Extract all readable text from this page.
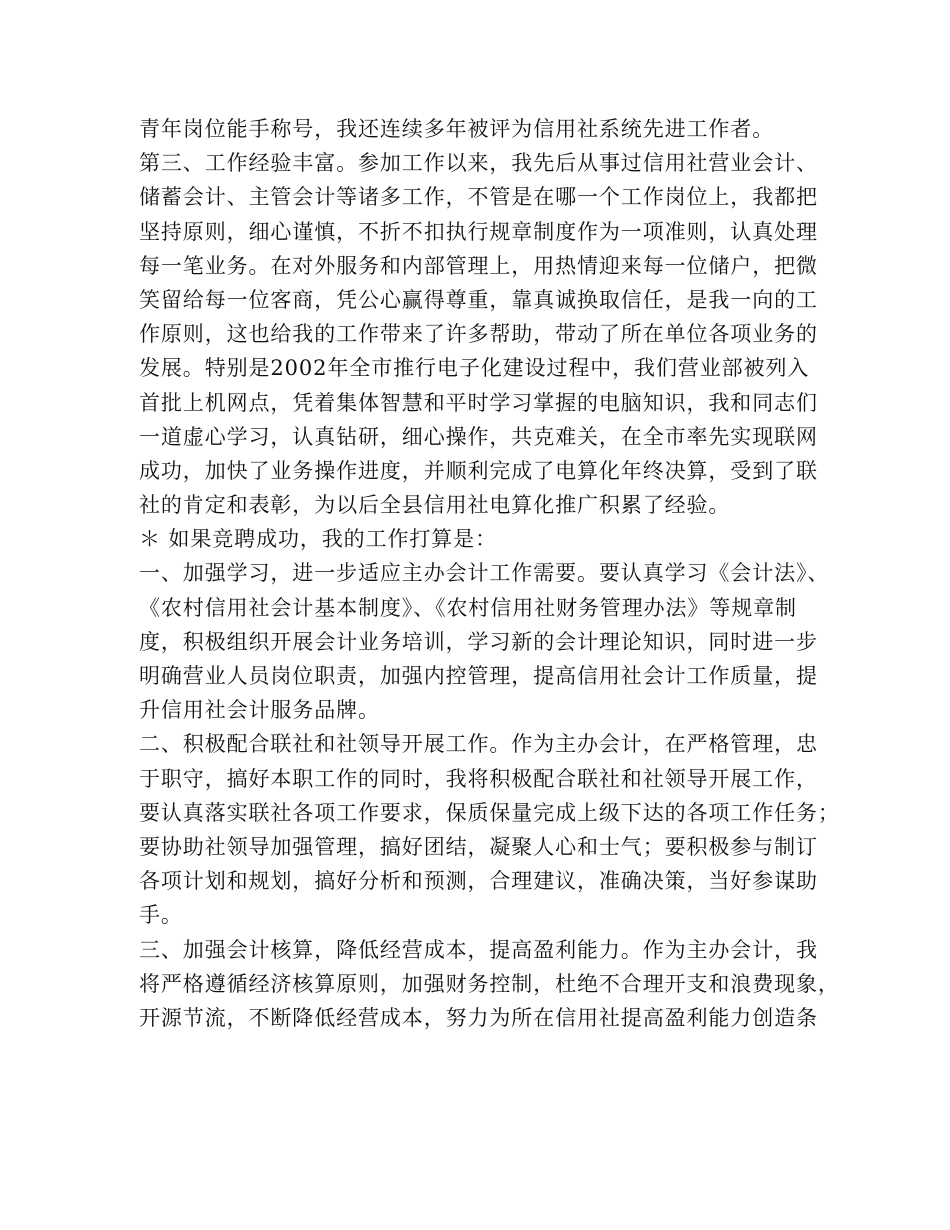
青年岗位能手称号，我还连续多年被评为信用社系统先进工作者。
第三、工作经验丰富。参加工作以来，我先后从事过信用社营业会计、
储蓄会计、主管会计等诸多工作，不管是在哪一个工作岗位上，我都把
坚持原则，细心谨慎，不折不扣执行规章制度作为一项准则，认真处理
每一笔业务。在对外服务和内部管理上，用热情迎来每一位储户，把微
笑留给每一位客商，凭公心赢得尊重，靠真诚换取信任，是我一向的工
作原则，这也给我的工作带来了许多帮助，带动了所在单位各项业务的
发展。特别是2002年全市推行电子化建设过程中，我们营业部被列入
首批上机网点，凭着集体智慧和平时学习掌握的电脑知识，我和同志们
一道虚心学习，认真钻研，细心操作，共克难关，在全市率先实现联网
成功，加快了业务操作进度，并顺利完成了电算化年终决算，受到了联
社的肯定和表彰，为以后全县信用社电算化推广积累了经验。
＊ 如果竞聘成功，我的工作打算是：
一、加强学习，进一步适应主办会计工作需要。要认真学习《会计法》、
《农村信用社会计基本制度》、《农村信用社财务管理办法》等规章制
度，积极组织开展会计业务培训，学习新的会计理论知识，同时进一步
明确营业人员岗位职责，加强内控管理，提高信用社会计工作质量，提
升信用社会计服务品牌。
二、积极配合联社和社领导开展工作。作为主办会计，在严格管理，忠
于职守，搞好本职工作的同时，我将积极配合联社和社领导开展工作，
要认真落实联社各项工作要求，保质保量完成上级下达的各项工作任务；
要协助社领导加强管理，搞好团结，凝聚人心和士气；要积极参与制订
各项计划和规划，搞好分析和预测，合理建议，准确决策，当好参谋助
手。
三、加强会计核算，降低经营成本，提高盈利能力。作为主办会计，我
将严格遵循经济核算原则，加强财务控制，杜绝不合理开支和浪费现象，
开源节流，不断降低经营成本，努力为所在信用社提高盈利能力创造条
